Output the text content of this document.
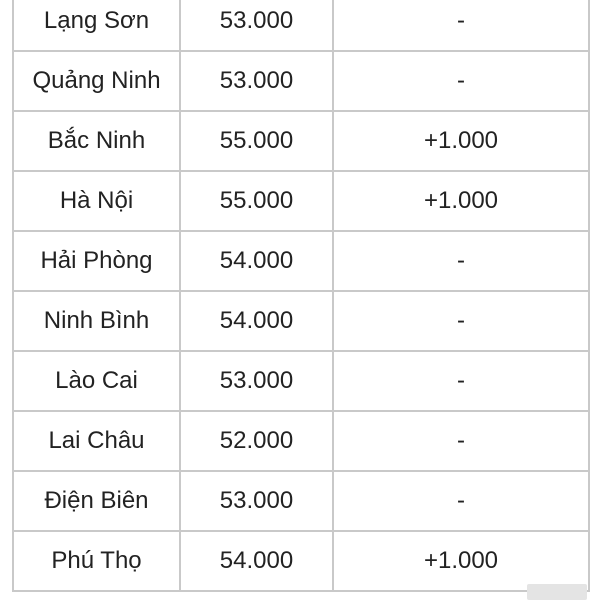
Lạng Sơn	53.000	-
Quảng Ninh	53.000	-
Bắc Ninh	55.000	+1.000
Hà Nội	55.000	+1.000
Hải Phòng	54.000	-
Ninh Bình	54.000	-
Lào Cai	53.000	-
Lai Châu	52.000	-
Điện Biên	53.000	-
Phú Thọ	54.000	+1.000
